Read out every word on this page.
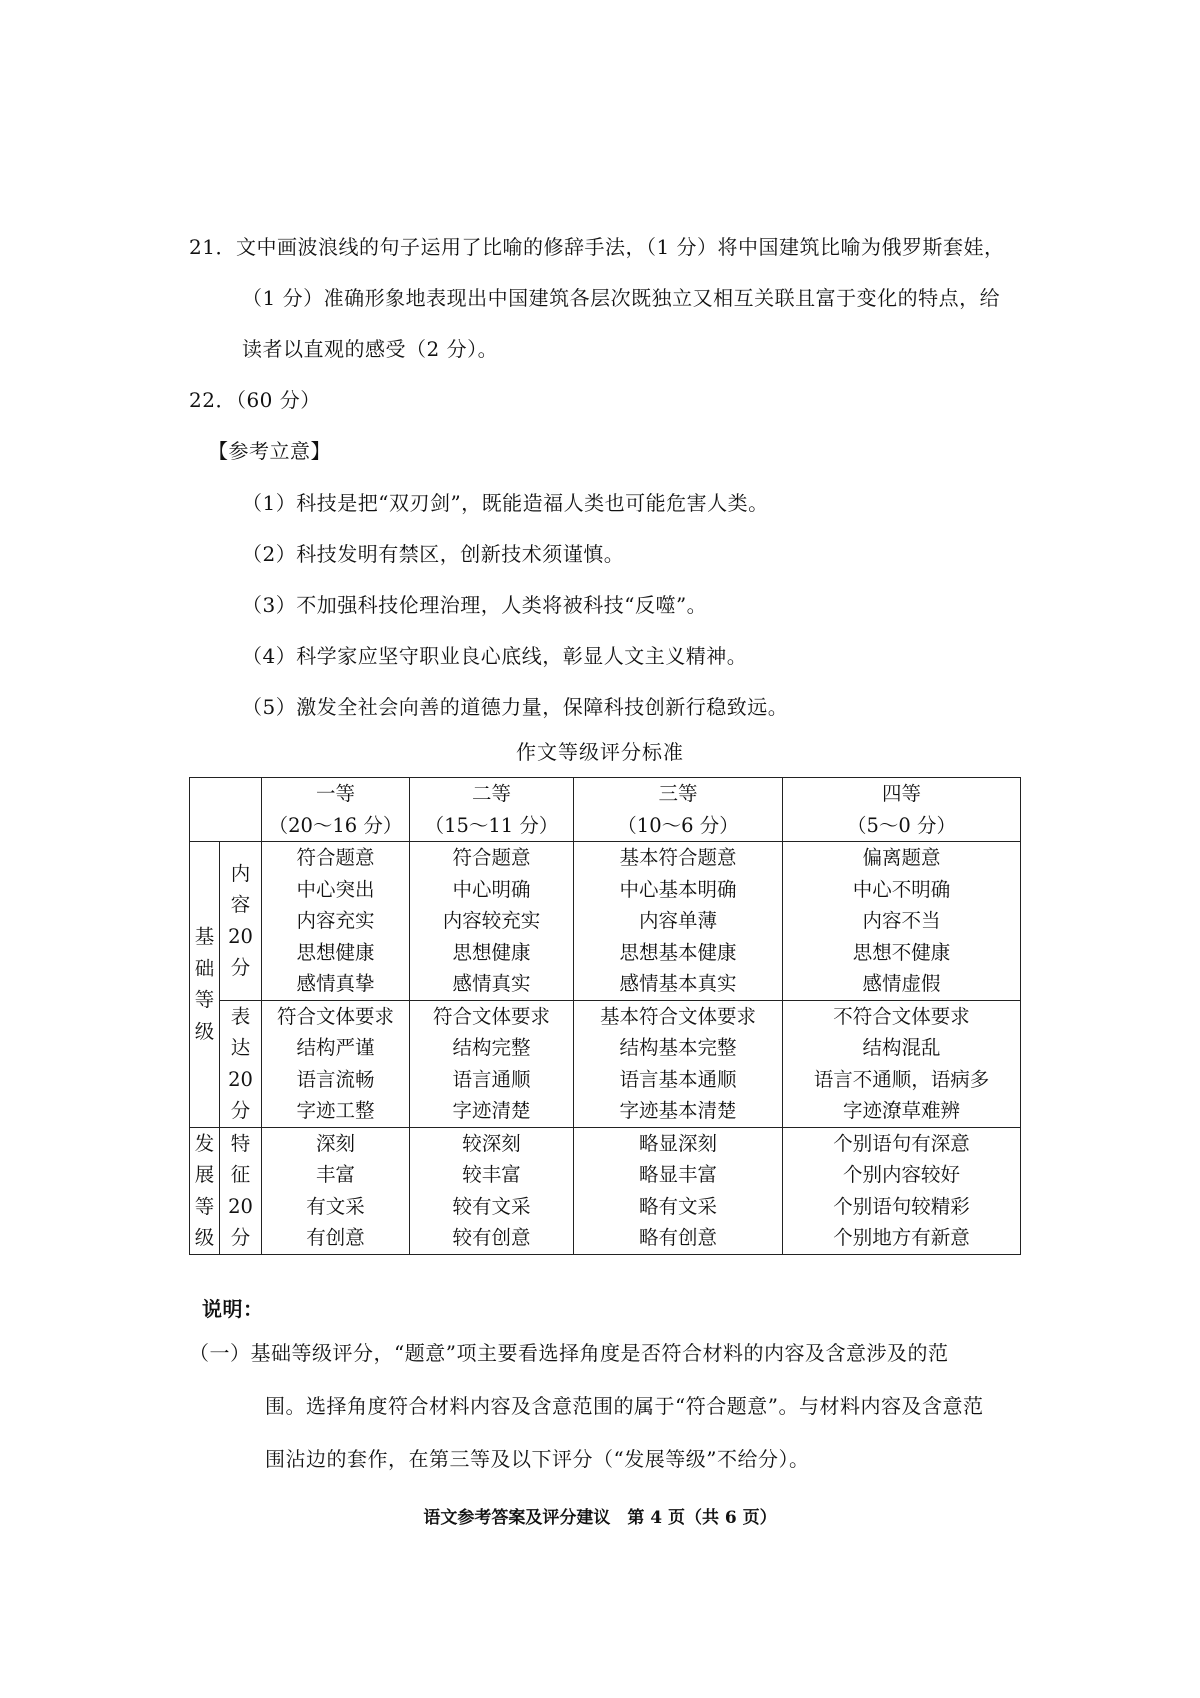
21．文中画波浪线的句子运用了比喻的修辞手法，（1 分）将中国建筑比喻为俄罗斯套娃，
（1 分）准确形象地表现出中国建筑各层次既独立又相互关联且富于变化的特点，给
读者以直观的感受（2 分）。
22．（60 分）
【参考立意】
（1）科技是把“双刃剑”，既能造福人类也可能危害人类。
（2）科技发明有禁区，创新技术须谨慎。
（3）不加强科技伦理治理，人类将被科技“反噬”。
（4）科学家应坚守职业良心底线，彰显人文主义精神。
（5）激发全社会向善的道德力量，保障科技创新行稳致远。
作文等级评分标准

		一等
（20～16 分）	二等
（15～11 分）	三等
（10～6 分）	四等
（5～0 分）

基
础
等
级	内
容
20
分	符合题意
中心突出
内容充实
思想健康
感情真挚	符合题意
中心明确
内容较充实
思想健康
感情真实	基本符合题意
中心基本明确
内容单薄
思想基本健康
感情基本真实	偏离题意
中心不明确
内容不当
思想不健康
感情虚假

	表
达
20
分	符合文体要求
结构严谨
语言流畅
字迹工整	符合文体要求
结构完整
语言通顺
字迹清楚	基本符合文体要求
结构基本完整
语言基本通顺
字迹基本清楚	不符合文体要求
结构混乱
语言不通顺，语病多
字迹潦草难辨

发
展
等
级	特
征
20
分	深刻
丰富
有文采
有创意	较深刻
较丰富
较有文采
较有创意	略显深刻
略显丰富
略有文采
略有创意	个别语句有深意
个别内容较好
个别语句较精彩
个别地方有新意
说明：
（一）基础等级评分，“题意”项主要看选择角度是否符合材料的内容及含意涉及的范
围。选择角度符合材料内容及含意范围的属于“符合题意”。与材料内容及含意范
围沾边的套作，在第三等及以下评分（“发展等级”不给分）。
语文参考答案及评分建议　第 4 页（共 6 页）
